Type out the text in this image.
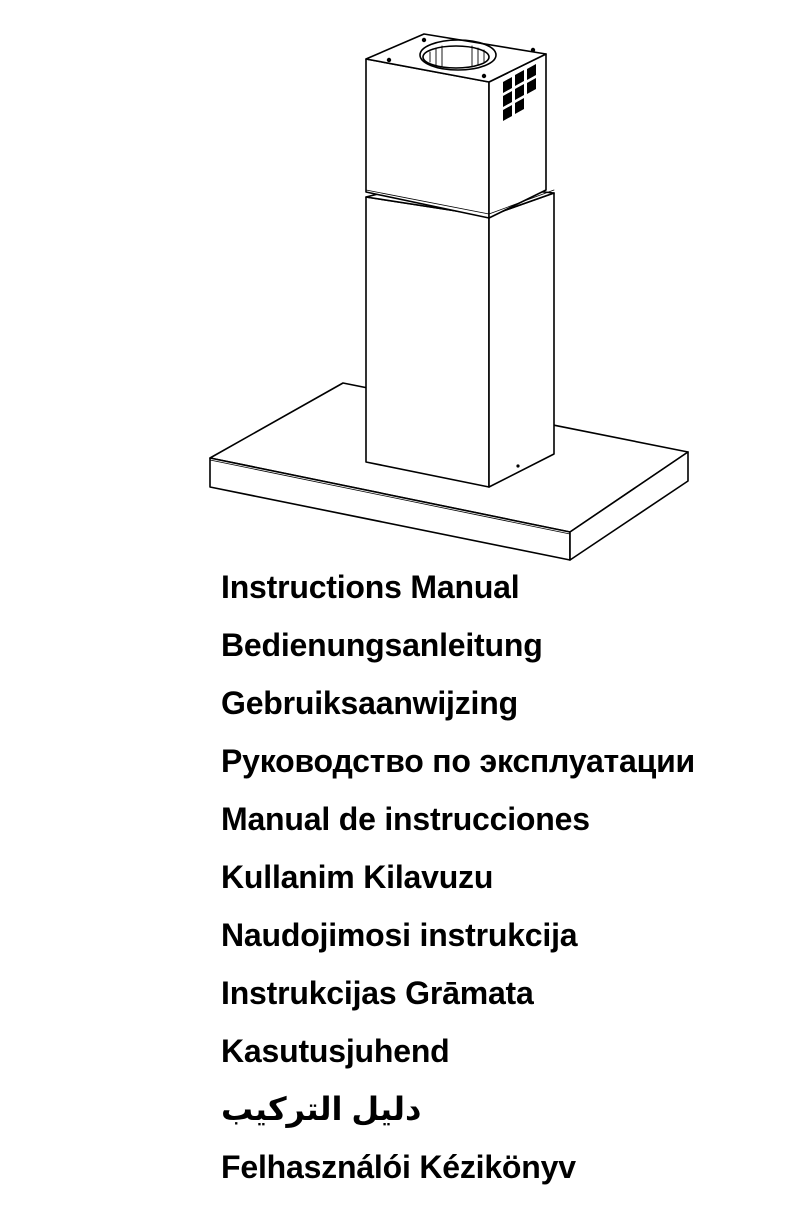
Instructions Manual
Bedienungsanleitung
Gebruiksaanwijzing
Руководство по эксплуатации
Manual de instrucciones
Kullanim Kilavuzu
Naudojimosi instrukcija
Instrukcijas Grāmata
Kasutusjuhend
دليل التركيب
Felhasználói Kézikönyv
